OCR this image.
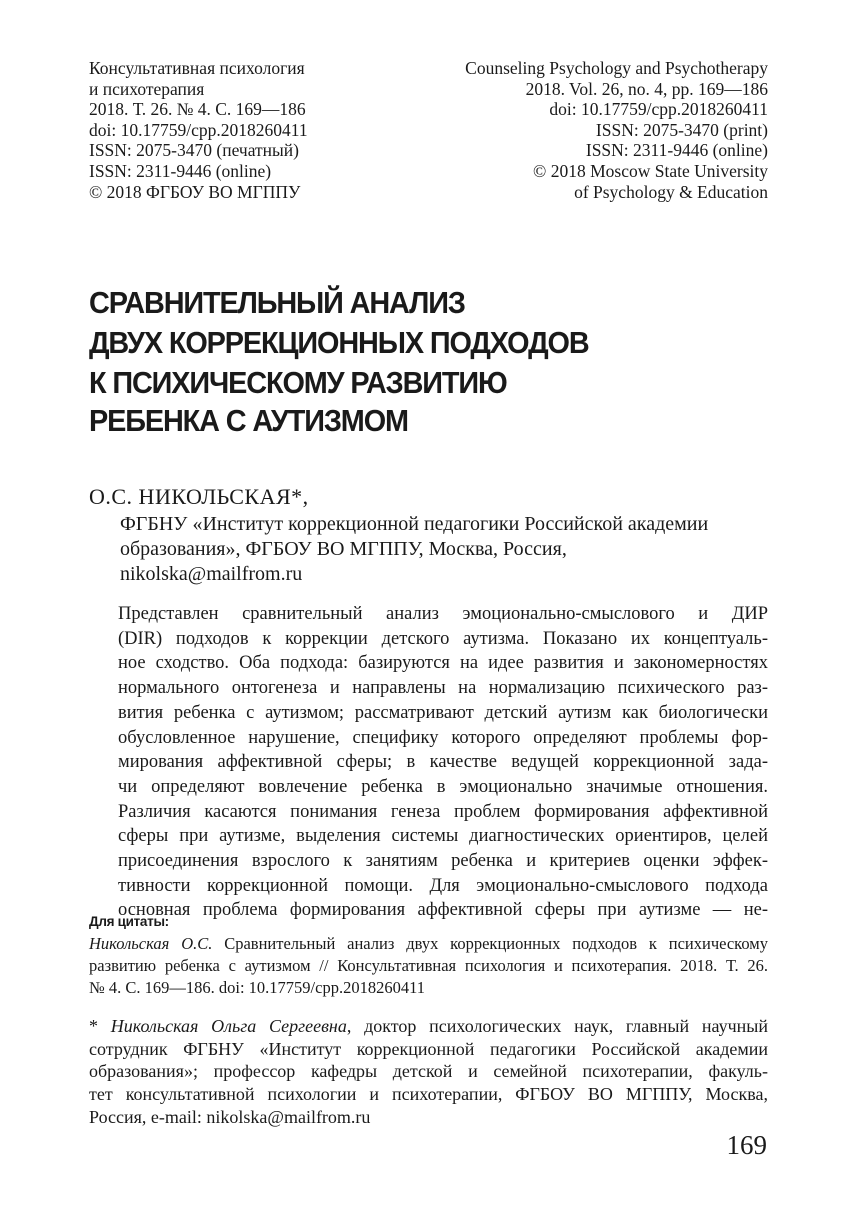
Консультативная психология
и психотерапия
2018. Т. 26. № 4. С. 169—186
doi: 10.17759/cpp.2018260411
ISSN: 2075-3470 (печатный)
ISSN: 2311-9446 (online)
© 2018 ФГБОУ ВО МГППУ
Counseling Psychology and Psychotherapy
2018. Vol. 26, no. 4, pp. 169—186
doi: 10.17759/cpp.2018260411
ISSN: 2075-3470 (print)
ISSN: 2311-9446 (online)
© 2018 Moscow State University
of Psychology & Education
СРАВНИТЕЛЬНЫЙ АНАЛИЗ
ДВУХ КОРРЕКЦИОННЫХ ПОДХОДОВ
К ПСИХИЧЕСКОМУ РАЗВИТИЮ
РЕБЕНКА С АУТИЗМОМ
О.С. НИКОЛЬСКАЯ*,
ФГБНУ «Институт коррекционной педагогики Российской академии
образования», ФГБОУ ВО МГППУ, Москва, Россия,
nikolska@mailfrom.ru
Представлен сравнительный анализ эмоционально-смыслового и ДИР
(DIR) подходов к коррекции детского аутизма. Показано их концептуаль-
ное сходство. Оба подхода: базируются на идее развития и закономерностях
нормального онтогенеза и направлены на нормализацию психического раз-
вития ребенка с аутизмом; рассматривают детский аутизм как биологически
обусловленное нарушение, специфику которого определяют проблемы фор-
мирования аффективной сферы; в качестве ведущей коррекционной зада-
чи определяют вовлечение ребенка в эмоционально значимые отношения.
Различия касаются понимания генеза проблем формирования аффективной
сферы при аутизме, выделения системы диагностических ориентиров, целей
присоединения взрослого к занятиям ребенка и критериев оценки эффек-
тивности коррекционной помощи. Для эмоционально-смыслового подхода
основная проблема формирования аффективной сферы при аутизме — не-
Для цитаты:
Никольская О.С. Сравнительный анализ двух коррекционных подходов к психическому
развитию ребенка с аутизмом // Консультативная психология и психотерапия. 2018. Т. 26.
№ 4. С. 169—186. doi: 10.17759/cpp.2018260411
* Никольская Ольга Сергеевна, доктор психологических наук, главный научный
сотрудник ФГБНУ «Институт коррекционной педагогики Российской академии
образования»; профессор кафедры детской и семейной психотерапии, факуль-
тет консультативной психологии и психотерапии, ФГБОУ ВО МГППУ, Москва,
Россия, e-mail: nikolska@mailfrom.ru
169
